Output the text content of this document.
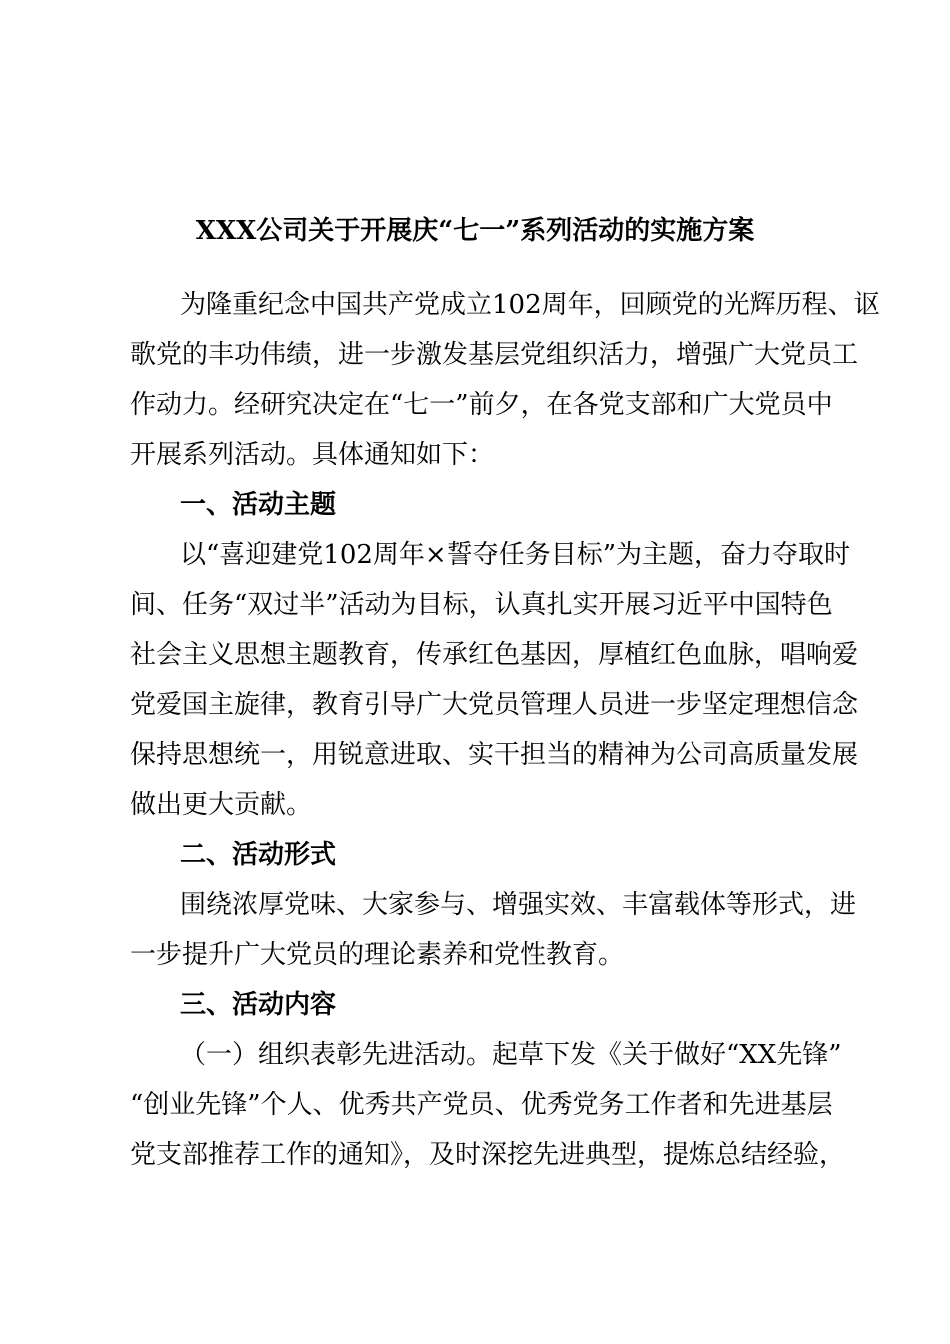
XXX公司关于开展庆“七一”系列活动的实施方案
为隆重纪念中国共产党成立102周年，回顾党的光辉历程、讴
歌党的丰功伟绩，进一步激发基层党组织活力，增强广大党员工
作动力。经研究决定在“七一”前夕，在各党支部和广大党员中
开展系列活动。具体通知如下：
一、活动主题
以“喜迎建党102周年×誓夺任务目标”为主题，奋力夺取时
间、任务“双过半”活动为目标，认真扎实开展习近平中国特色
社会主义思想主题教育，传承红色基因，厚植红色血脉，唱响爱
党爱国主旋律，教育引导广大党员管理人员进一步坚定理想信念
保持思想统一，用锐意进取、实干担当的精神为公司高质量发展
做出更大贡献。
二、活动形式
围绕浓厚党味、大家参与、增强实效、丰富载体等形式，进
一步提升广大党员的理论素养和党性教育。
三、活动内容
（一）组织表彰先进活动。起草下发《关于做好“XX先锋”
“创业先锋”个人、优秀共产党员、优秀党务工作者和先进基层
党支部推荐工作的通知》，及时深挖先进典型，提炼总结经验，
